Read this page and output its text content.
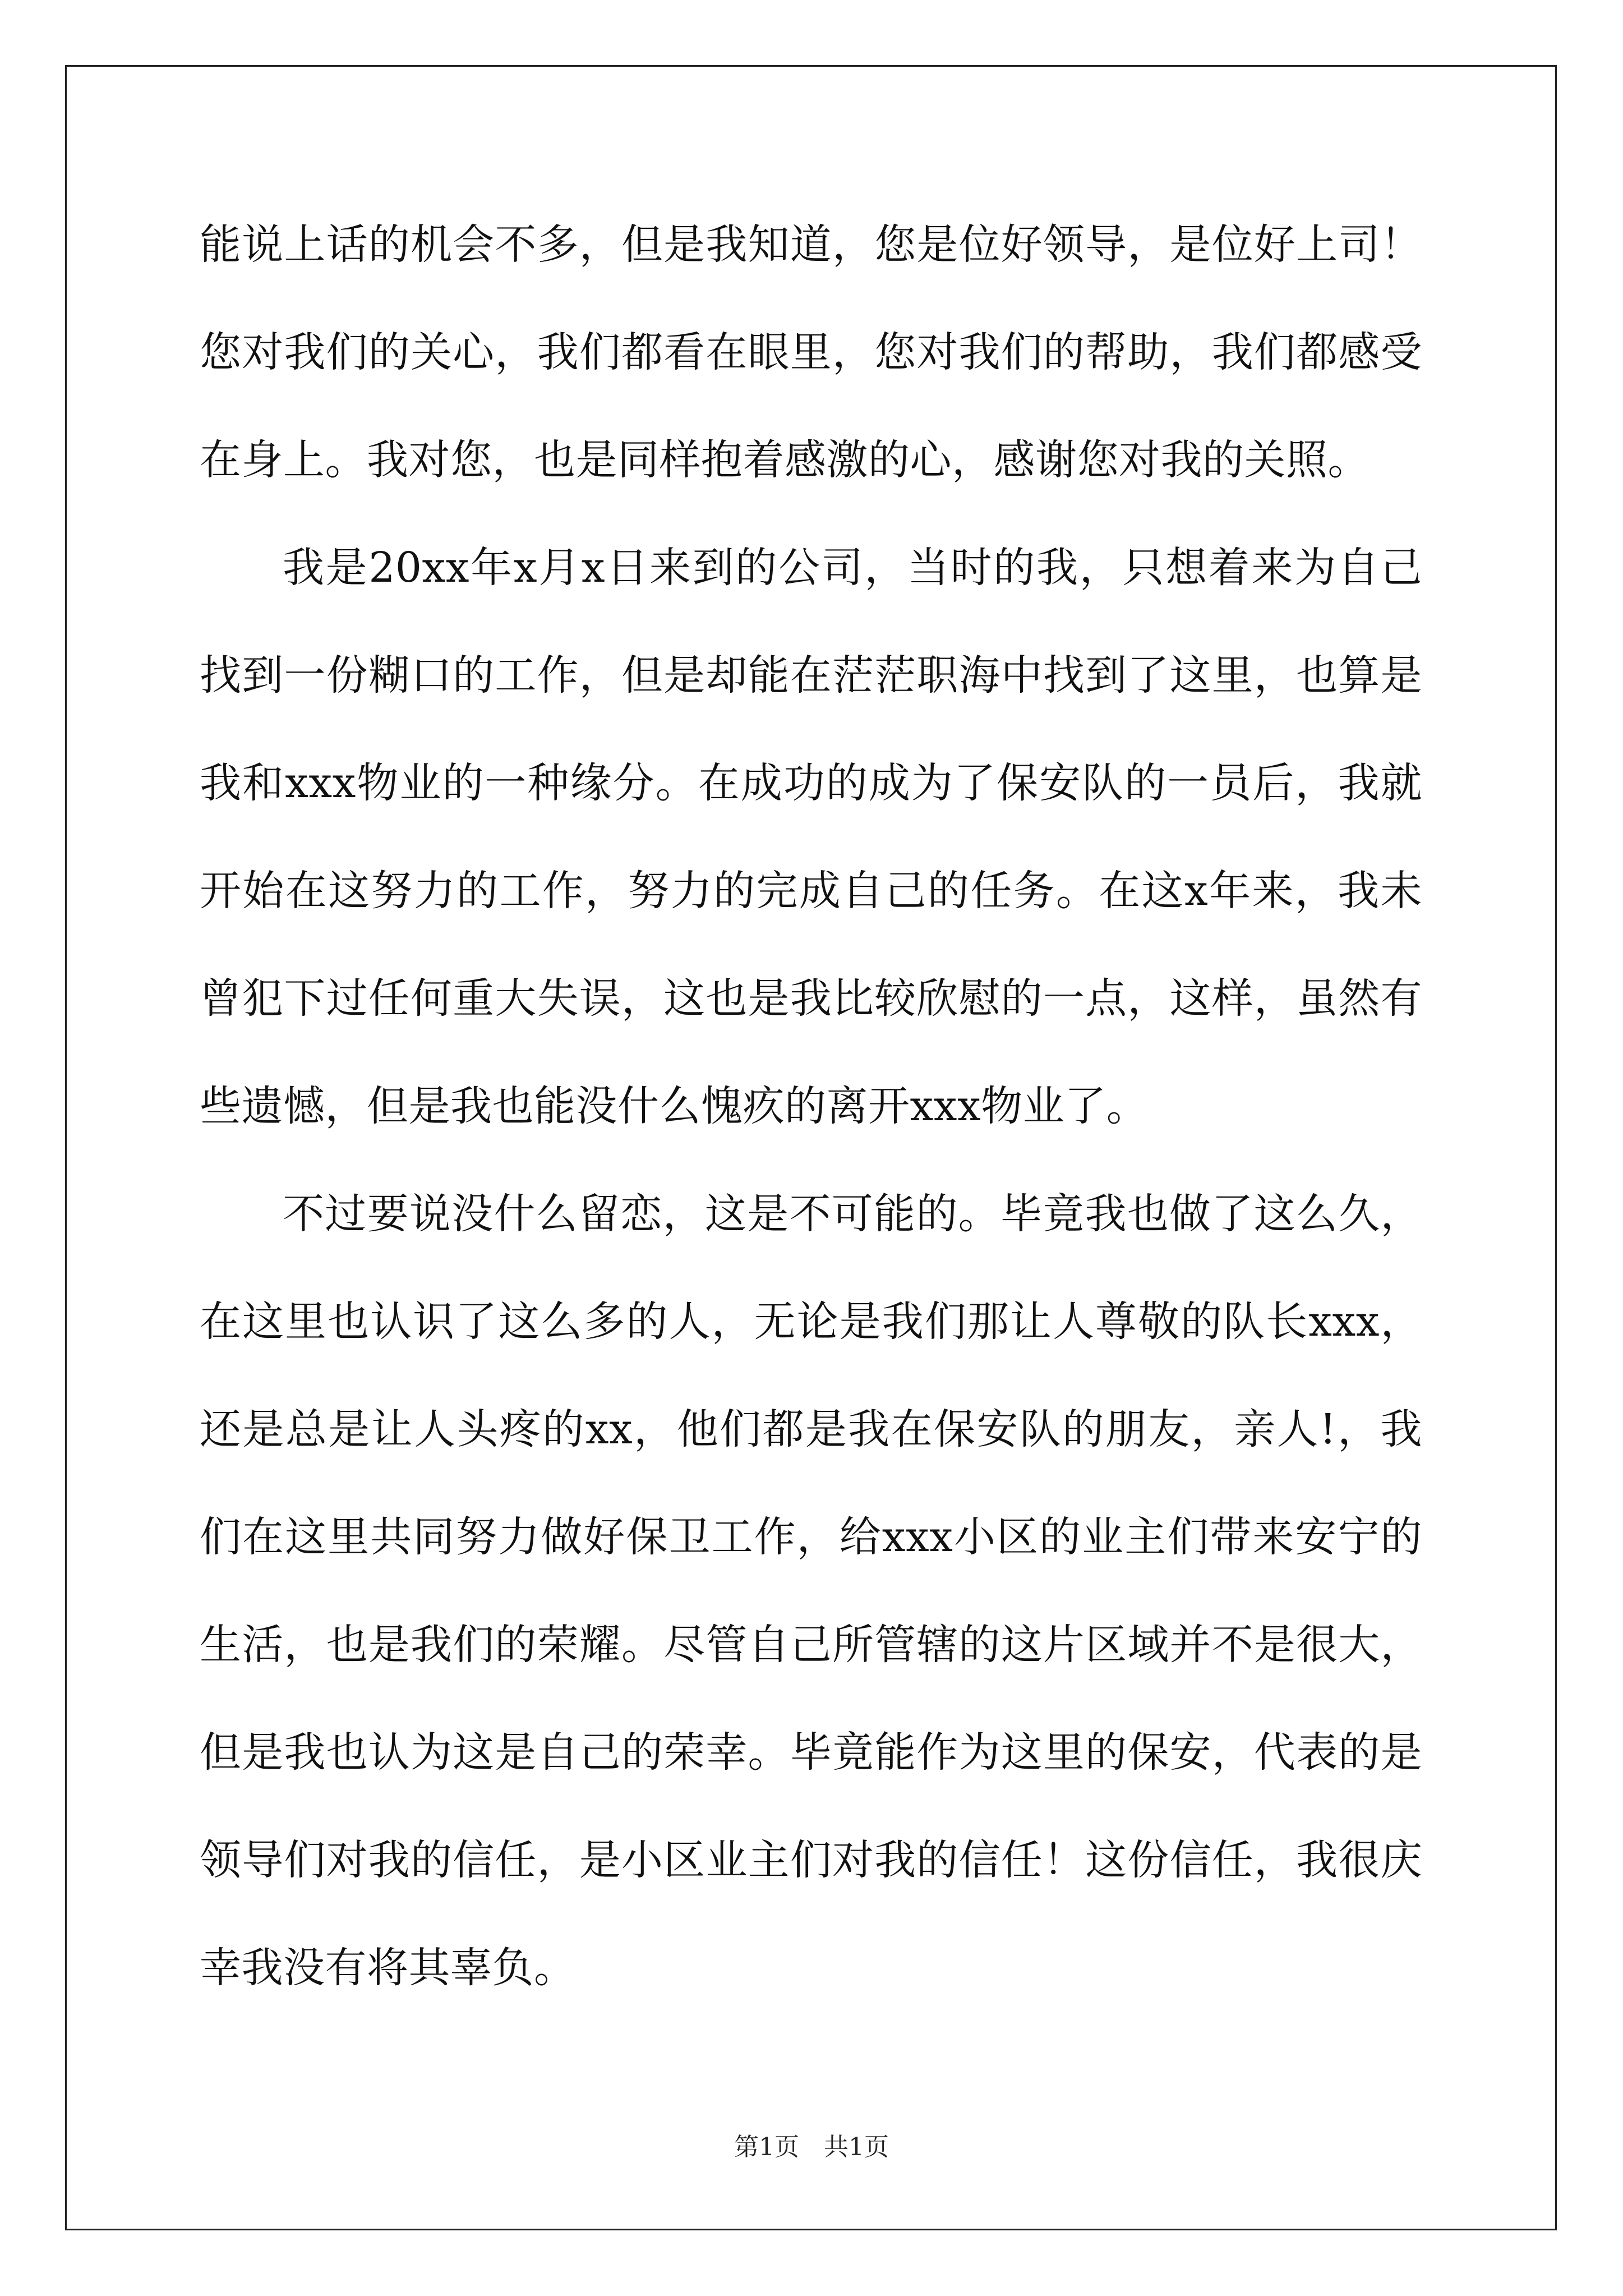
能说上话的机会不多，但是我知道，您是位好领导，是位好上司！您对我们的关心，我们都看在眼里，您对我们的帮助，我们都感受在身上。我对您，也是同样抱着感激的心，感谢您对我的关照。

我是20xx年x月x日来到的公司，当时的我，只想着来为自己找到一份糊口的工作，但是却能在茫茫职海中找到了这里，也算是我和xxx物业的一种缘分。在成功的成为了保安队的一员后，我就开始在这努力的工作，努力的完成自己的任务。在这x年来，我未曾犯下过任何重大失误，这也是我比较欣慰的一点，这样，虽然有些遗憾，但是我也能没什么愧疚的离开xxx物业了。

不过要说没什么留恋，这是不可能的。毕竟我也做了这么久，在这里也认识了这么多的人，无论是我们那让人尊敬的队长xxx，还是总是让人头疼的xx，他们都是我在保安队的朋友，亲人!，我们在这里共同努力做好保卫工作，给xxx小区的业主们带来安宁的生活，也是我们的荣耀。尽管自己所管辖的这片区域并不是很大，但是我也认为这是自己的荣幸。毕竟能作为这里的保安，代表的是领导们对我的信任，是小区业主们对我的信任！这份信任，我很庆幸我没有将其辜负。

第1页　共1页
